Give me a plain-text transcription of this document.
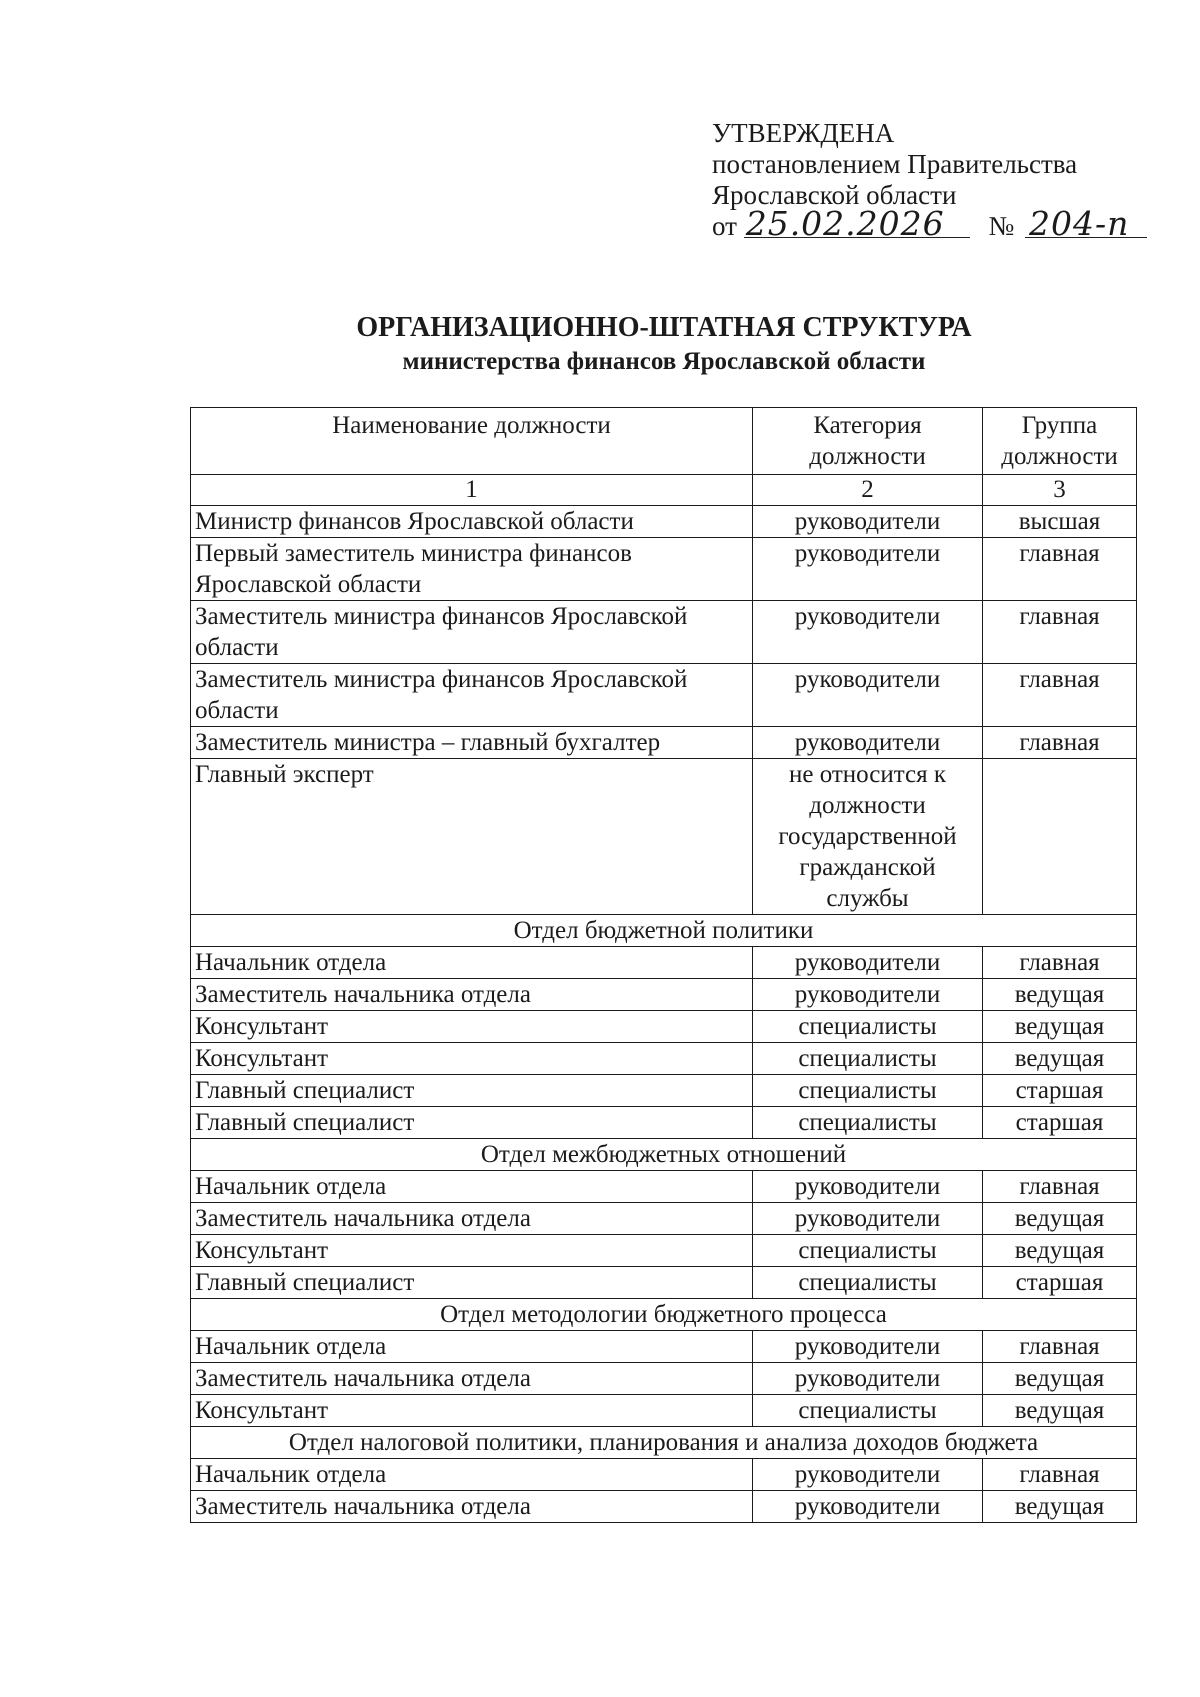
УТВЕРЖДЕНА
постановлением Правительства
Ярославской области
от 25.02.2026 № 204-п
ОРГАНИЗАЦИОННО-ШТАТНАЯ СТРУКТУРА
министерства финансов Ярославской области
Наименование должности	Категория должности	Группа должности
1	2	3
Министр финансов Ярославской области	руководители	высшая
Первый заместитель министра финансов Ярославской области	руководители	главная
Заместитель министра финансов Ярославской области	руководители	главная
Заместитель министра финансов Ярославской области	руководители	главная
Заместитель министра – главный бухгалтер	руководители	главная
Главный эксперт	не относится к должности государственной гражданской службы	
Отдел бюджетной политики		
Начальник отдела	руководители	главная
Заместитель начальника отдела	руководители	ведущая
Консультант	специалисты	ведущая
Консультант	специалисты	ведущая
Главный специалист	специалисты	старшая
Главный специалист	специалисты	старшая
Отдел межбюджетных отношений		
Начальник отдела	руководители	главная
Заместитель начальника отдела	руководители	ведущая
Консультант	специалисты	ведущая
Главный специалист	специалисты	старшая
Отдел методологии бюджетного процесса		
Начальник отдела	руководители	главная
Заместитель начальника отдела	руководители	ведущая
Консультант	специалисты	ведущая
Отдел налоговой политики, планирования и анализа доходов бюджета		
Начальник отдела	руководители	главная
Заместитель начальника отдела	руководители	ведущая
